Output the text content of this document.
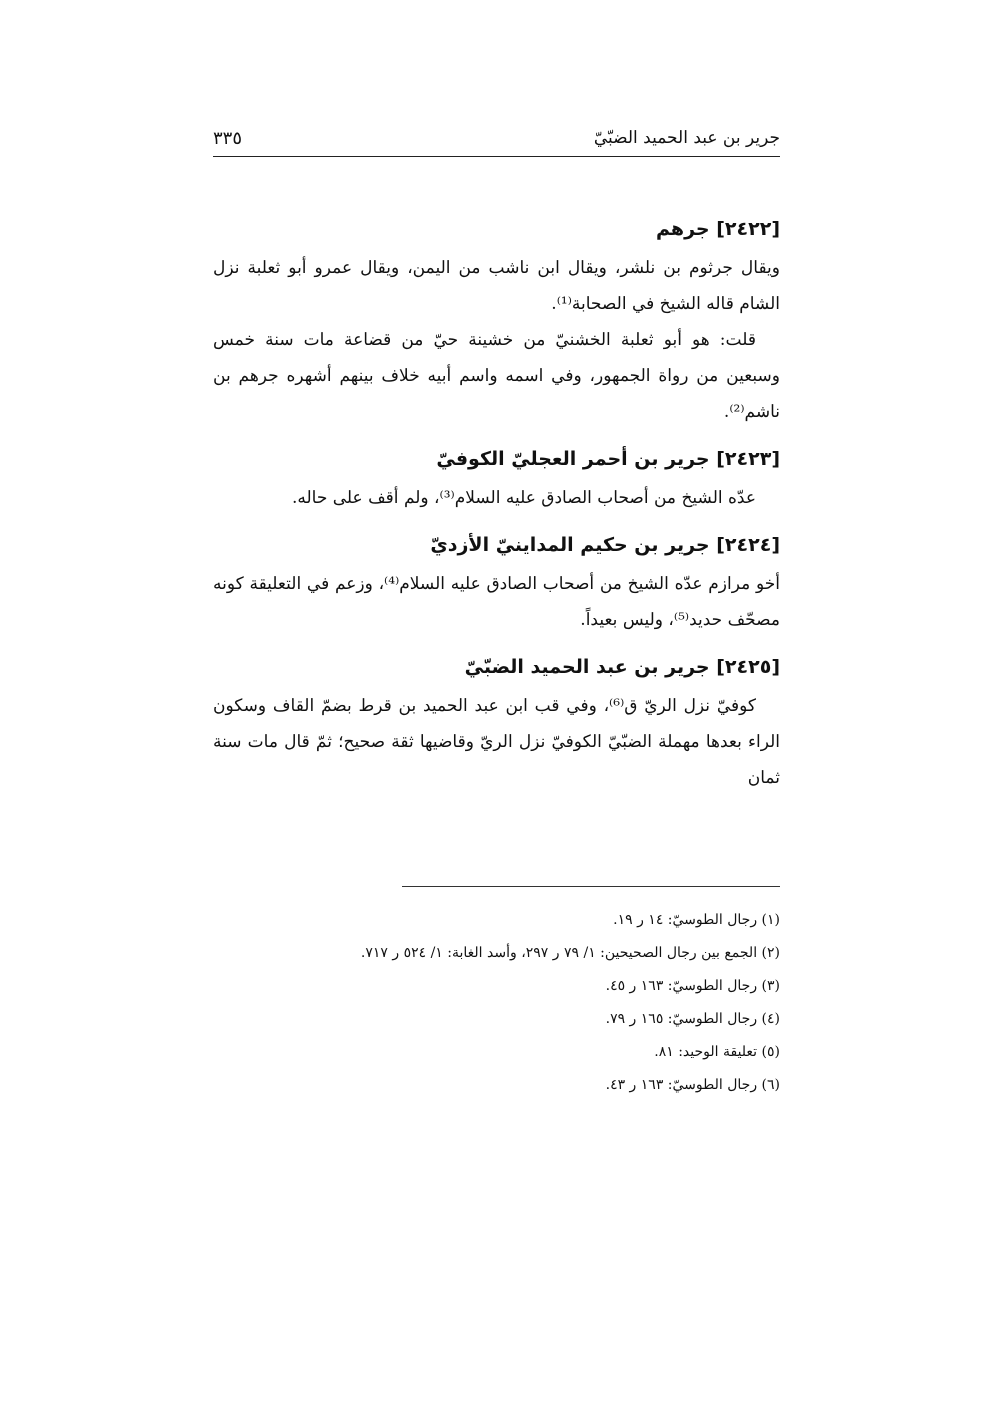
جرير بن عبد الحميد الضبّيّ
٣٣٥
[٢٤٢٢] جرهم

ويقال جرثوم بن نلشر، ويقال ابن ناشب من اليمن، ويقال عمرو أبو ثعلبة نزل الشام قاله الشيخ في الصحابة⁽¹⁾.

قلت: هو أبو ثعلبة الخشنيّ من خشينة حيّ من قضاعة مات سنة خمس وسبعين من رواة الجمهور، وفي اسمه واسم أبيه خلاف بينهم أشهره جرهم بن ناشم⁽²⁾.

[٢٤٢٣] جرير بن أحمر العجليّ الكوفيّ

عدّه الشيخ من أصحاب الصادق عليه السلام⁽³⁾، ولم أقف على حاله.

[٢٤٢٤] جرير بن حكيم المداينيّ الأزديّ

أخو مرازم عدّه الشيخ من أصحاب الصادق عليه السلام⁽⁴⁾، وزعم في التعليقة كونه مصحّف حديد⁽⁵⁾، وليس بعيداً.

[٢٤٢٥] جرير بن عبد الحميد الضبّيّ

كوفيّ نزل الريّ ق⁽⁶⁾، وفي قب ابن عبد الحميد بن قرط بضمّ القاف وسكون الراء بعدها مهملة الضبّيّ الكوفيّ نزل الريّ وقاضيها ثقة صحيح؛ ثمّ قال مات سنة ثمان

(١) رجال الطوسيّ: ١٤ ر ١٩.
(٢) الجمع بين رجال الصحيحين: ١/ ٧٩ ر ٢٩٧، وأسد الغابة: ١/ ٥٢٤ ر ٧١٧.
(٣) رجال الطوسيّ: ١٦٣ ر ٤٥.
(٤) رجال الطوسيّ: ١٦٥ ر ٧٩.
(٥) تعليقة الوحيد: ٨١.
(٦) رجال الطوسيّ: ١٦٣ ر ٤٣.
